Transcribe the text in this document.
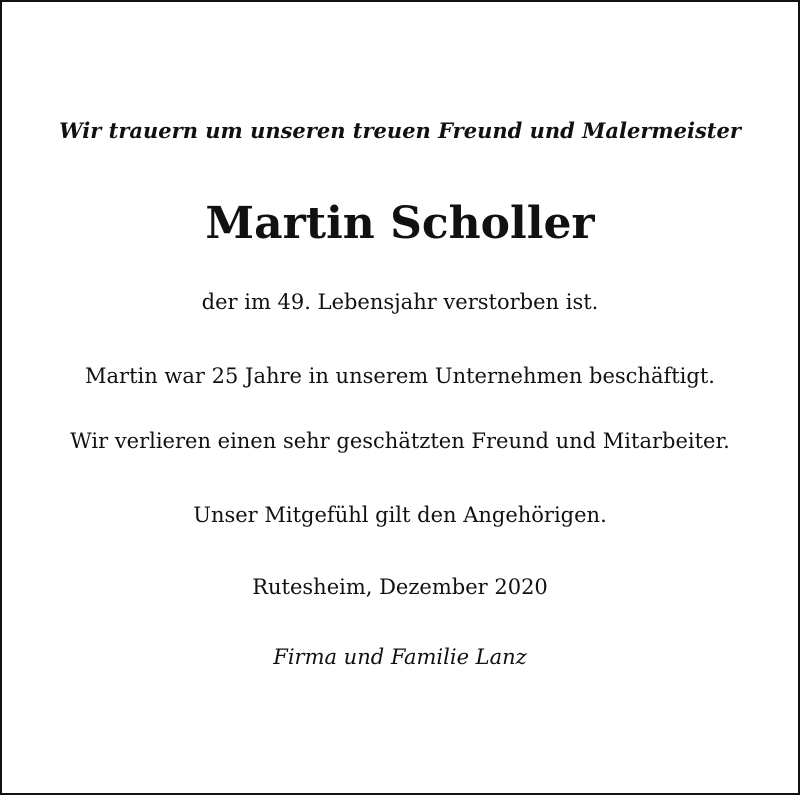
Wir trauern um unseren treuen Freund und Malermeister
Martin Scholler
der im 49. Lebensjahr verstorben ist.
Martin war 25 Jahre in unserem Unternehmen beschäftigt.
Wir verlieren einen sehr geschätzten Freund und Mitarbeiter.
Unser Mitgefühl gilt den Angehörigen.
Rutesheim, Dezember 2020
Firma und Familie Lanz
